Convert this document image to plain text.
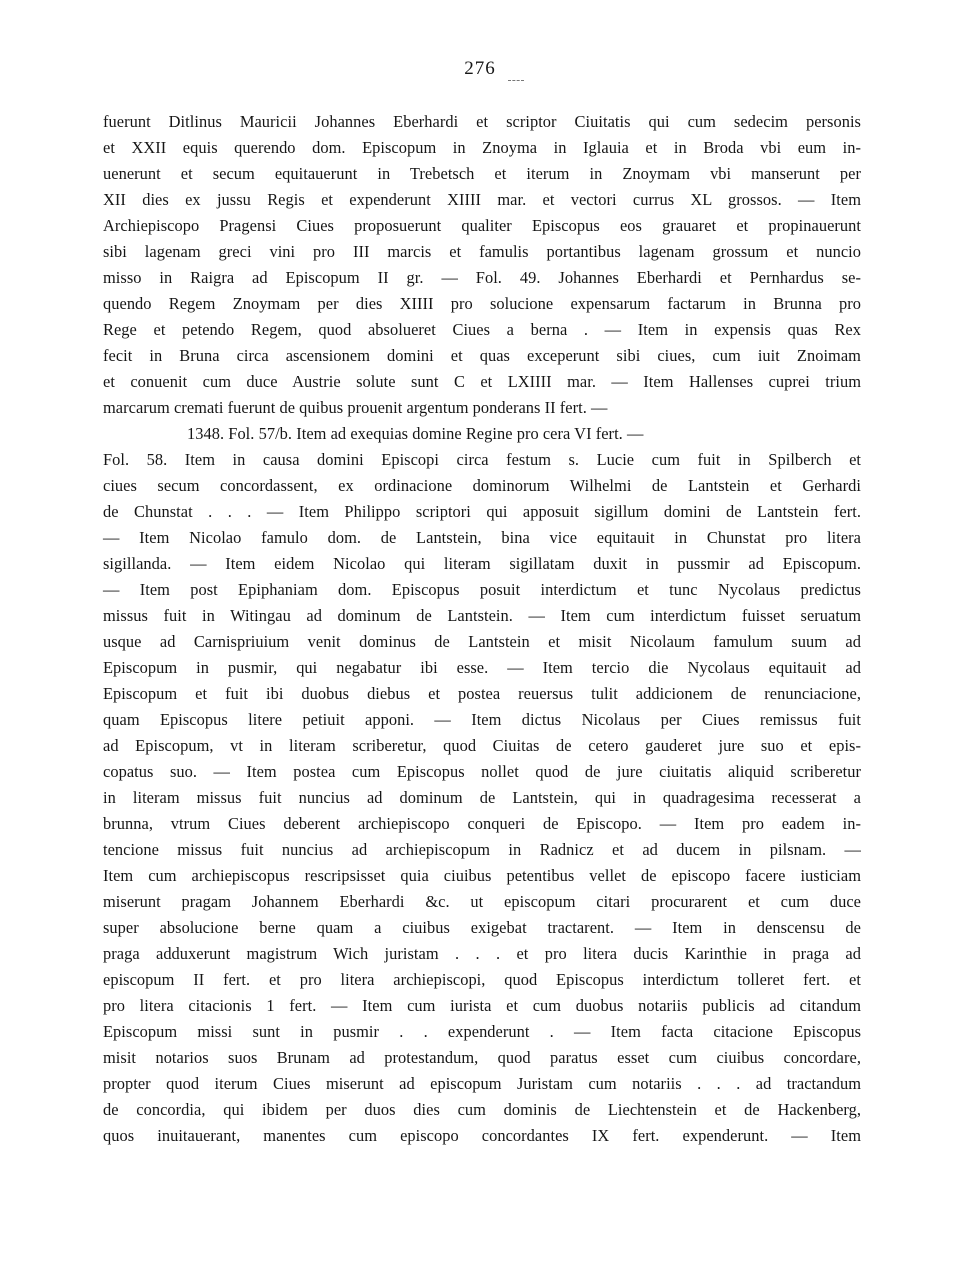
276
fuerunt Ditlinus Mauricii Johannes Eberhardi et scriptor Ciuitatis qui cum sedecim personis
et XXII equis querendo dom. Episcopum in Znoyma in Iglauia et in Broda vbi eum in-
uenerunt et secum equitauerunt in Trebetsch et iterum in Znoymam vbi manserunt per
XII dies ex jussu Regis et expenderunt XIIII mar. et vectori currus XL grossos. — Item
Archiepiscopo Pragensi Ciues proposuerunt qualiter Episcopus eos grauaret et propinauerunt
sibi lagenam greci vini pro III marcis et famulis portantibus lagenam grossum et nuncio
misso in Raigra ad Episcopum II gr. — Fol. 49. Johannes Eberhardi et Pernhardus se-
quendo Regem Znoymam per dies XIIII pro solucione expensarum factarum in Brunna pro
Rege et petendo Regem, quod absolueret Ciues a berna . — Item in expensis quas Rex
fecit in Bruna circa ascensionem domini et quas exceperunt sibi ciues, cum iuit Znoimam
et conuenit cum duce Austrie solute sunt C et LXIIII mar. — Item Hallenses cuprei trium
marcarum cremati fuerunt de quibus prouenit argentum ponderans II fert. —
1348. Fol. 57/b. Item ad exequias domine Regine pro cera VI fert. —
Fol. 58. Item in causa domini Episcopi circa festum s. Lucie cum fuit in Spilberch et
ciues secum concordassent, ex ordinacione dominorum Wilhelmi de Lantstein et Gerhardi
de Chunstat . . . — Item Philippo scriptori qui apposuit sigillum domini de Lantstein fert.
— Item Nicolao famulo dom. de Lantstein, bina vice equitauit in Chunstat pro litera
sigillanda. — Item eidem Nicolao qui literam sigillatam duxit in pussmir ad Episcopum.
— Item post Epiphaniam dom. Episcopus posuit interdictum et tunc Nycolaus predictus
missus fuit in Witingau ad dominum de Lantstein. — Item cum interdictum fuisset seruatum
usque ad Carnispriuium venit dominus de Lantstein et misit Nicolaum famulum suum ad
Episcopum in pusmir, qui negabatur ibi esse. — Item tercio die Nycolaus equitauit ad
Episcopum et fuit ibi duobus diebus et postea reuersus tulit addicionem de renunciacione,
quam Episcopus litere petiuit apponi. — Item dictus Nicolaus per Ciues remissus fuit
ad Episcopum, vt in literam scriberetur, quod Ciuitas de cetero gauderet jure suo et epis-
copatus suo. — Item postea cum Episcopus nollet quod de jure ciuitatis aliquid scriberetur
in literam missus fuit nuncius ad dominum de Lantstein, qui in quadragesima recesserat a
brunna, vtrum Ciues deberent archiepiscopo conqueri de Episcopo. — Item pro eadem in-
tencione missus fuit nuncius ad archiepiscopum in Radnicz et ad ducem in pilsnam. —
Item cum archiepiscopus rescripsisset quia ciuibus petentibus vellet de episcopo facere iusticiam
miserunt pragam Johannem Eberhardi &c. ut episcopum citari procurarent et cum duce
super absolucione berne quam a ciuibus exigebat tractarent. — Item in denscensu de
praga adduxerunt magistrum Wich juristam . . . et pro litera ducis Karinthie in praga ad
episcopum II fert. et pro litera archiepiscopi, quod Episcopus interdictum tolleret fert. et
pro litera citacionis 1 fert. — Item cum iurista et cum duobus notariis publicis ad citandum
Episcopum missi sunt in pusmir . . expenderunt . — Item facta citacione Episcopus
misit notarios suos Brunam ad protestandum, quod paratus esset cum ciuibus concordare,
propter quod iterum Ciues miserunt ad episcopum Juristam cum notariis . . . ad tractandum
de concordia, qui ibidem per duos dies cum dominis de Liechtenstein et de Hackenberg,
quos inuitauerant, manentes cum episcopo concordantes IX fert. expenderunt. — Item
